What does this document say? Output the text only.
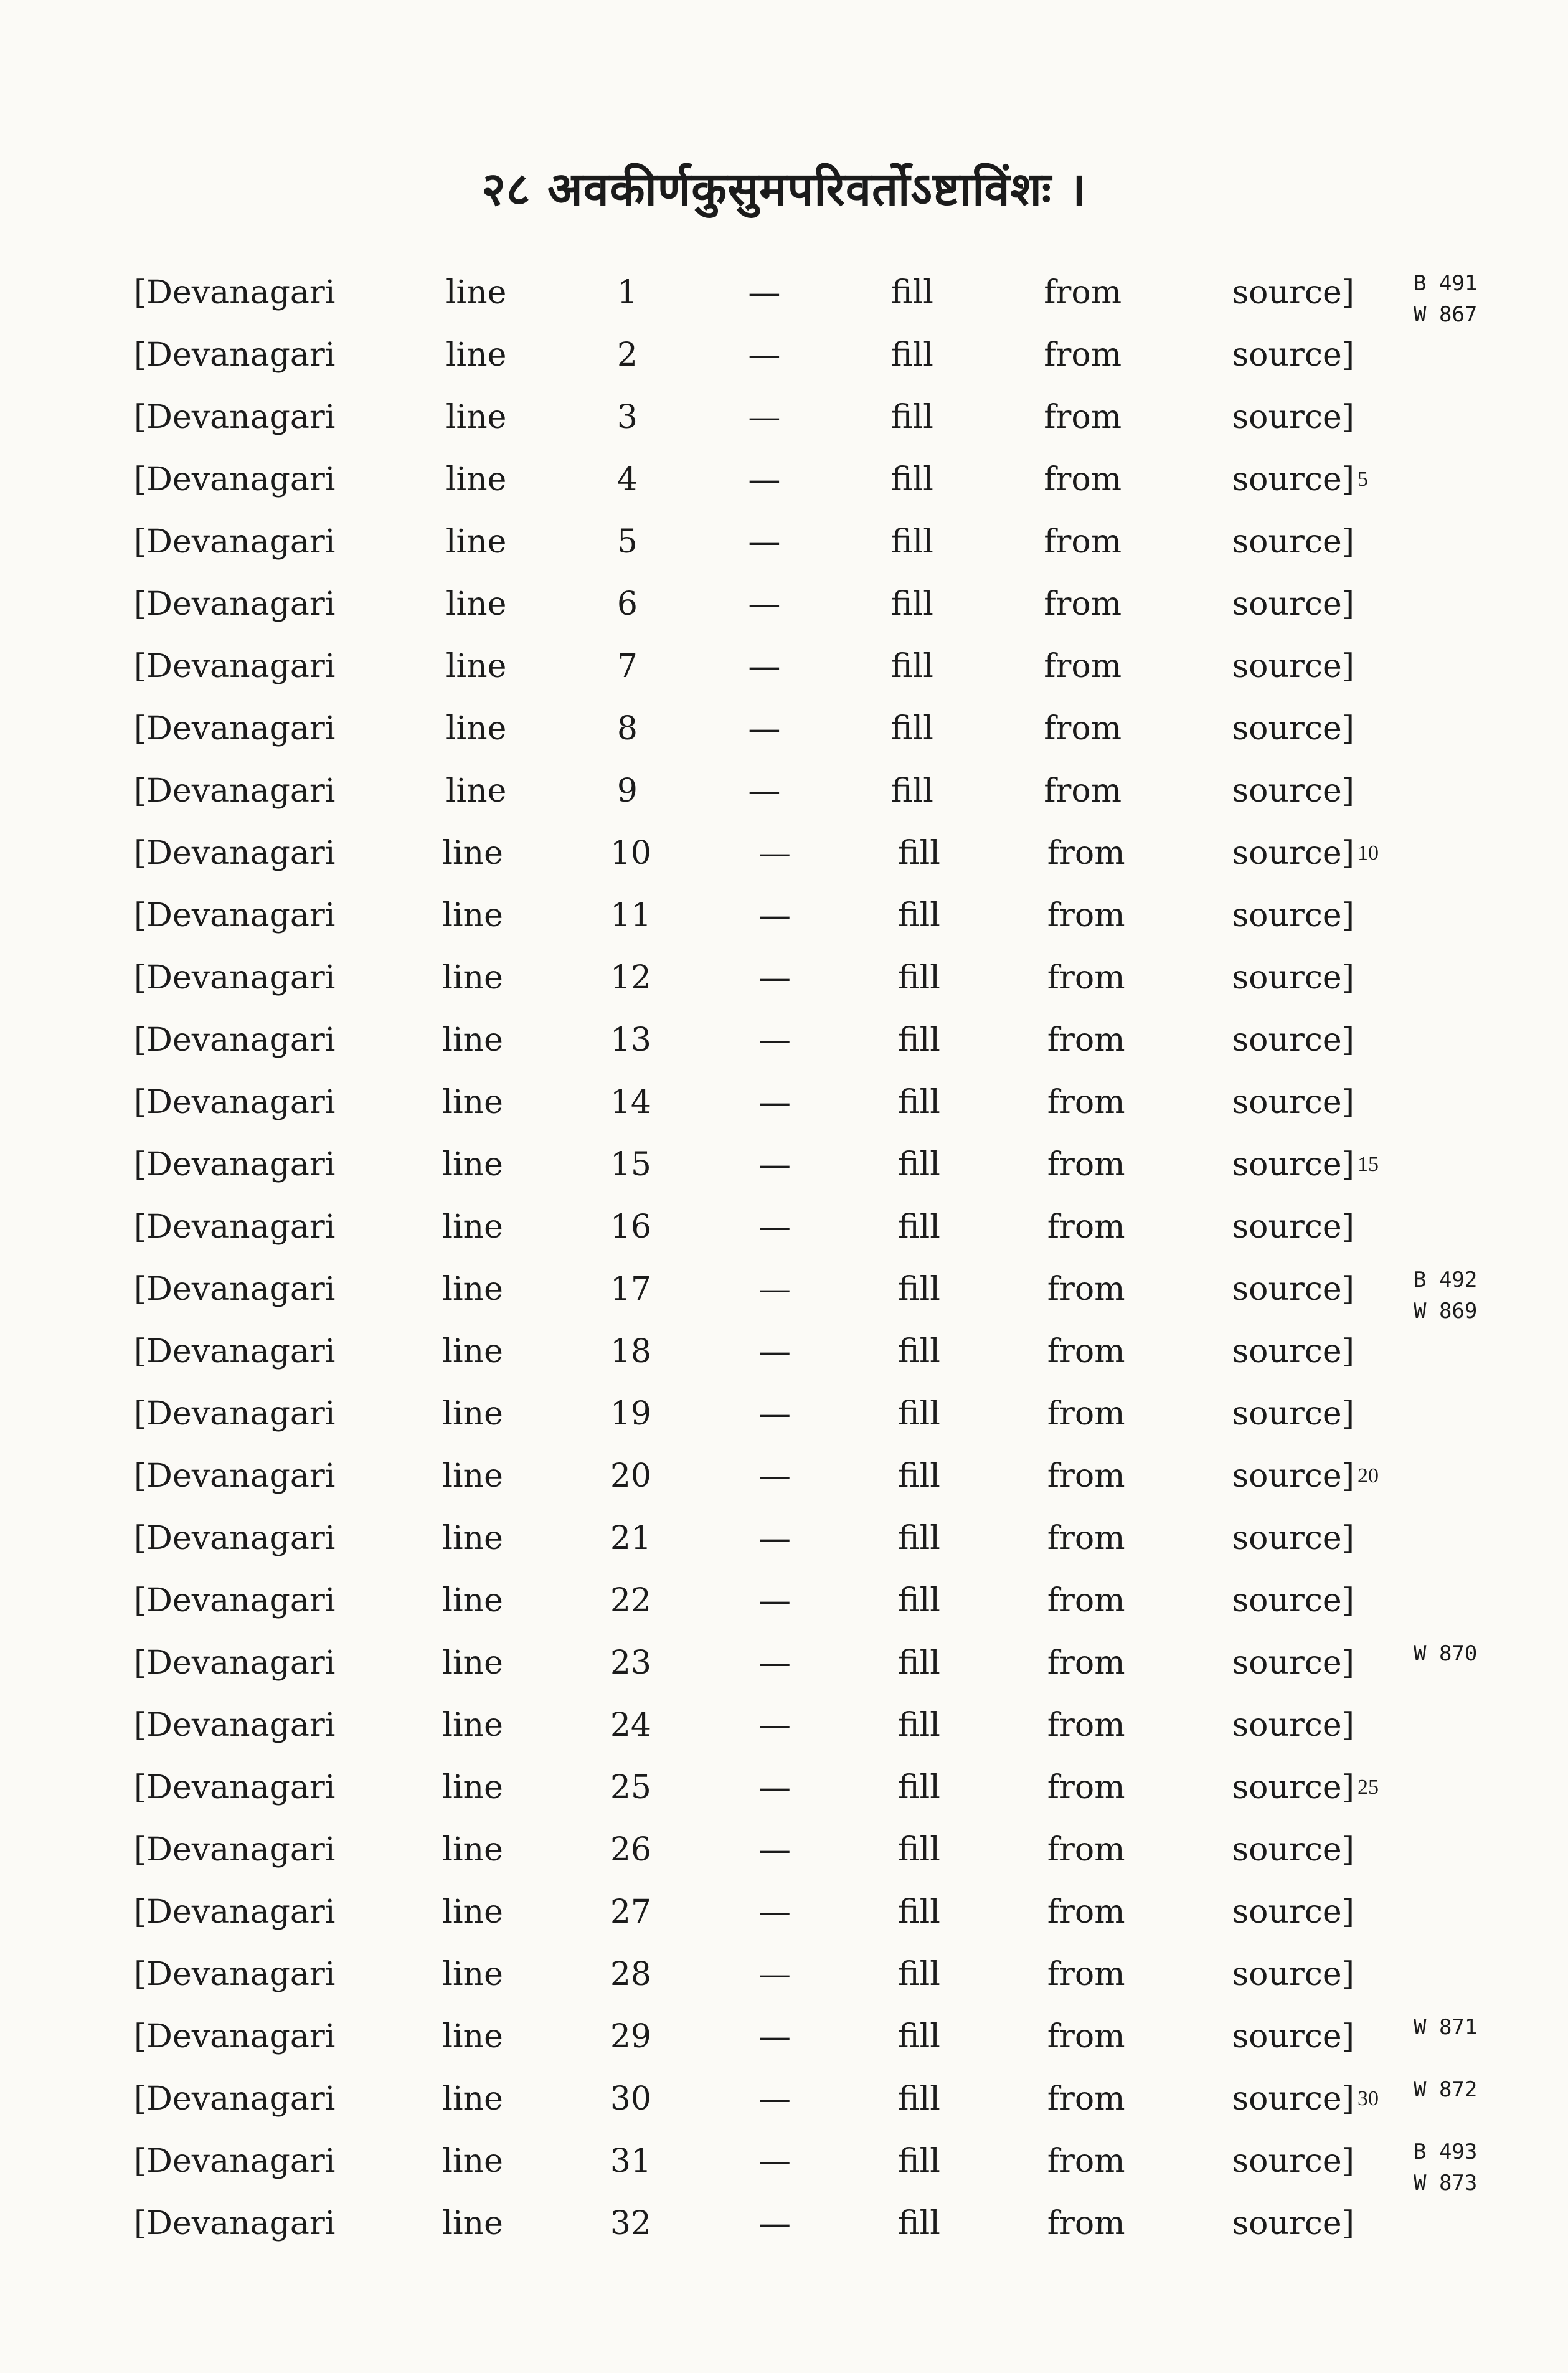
२८ अवकीर्णकुसुमपरिवर्तोऽष्टाविंशः ।
[Devanagari line 1 — fill from source]
[Devanagari line 2 — fill from source]
[Devanagari line 3 — fill from source]
[Devanagari line 4 — fill from source]
[Devanagari line 5 — fill from source]
[Devanagari line 6 — fill from source]
[Devanagari line 7 — fill from source]
[Devanagari line 8 — fill from source]
[Devanagari line 9 — fill from source]
[Devanagari line 10 — fill from source]
[Devanagari line 11 — fill from source]
[Devanagari line 12 — fill from source]
[Devanagari line 13 — fill from source]
[Devanagari line 14 — fill from source]
[Devanagari line 15 — fill from source]
[Devanagari line 16 — fill from source]
[Devanagari line 17 — fill from source]
[Devanagari line 18 — fill from source]
[Devanagari line 19 — fill from source]
[Devanagari line 20 — fill from source]
[Devanagari line 21 — fill from source]
[Devanagari line 22 — fill from source]
[Devanagari line 23 — fill from source]
[Devanagari line 24 — fill from source]
[Devanagari line 25 — fill from source]
[Devanagari line 26 — fill from source]
[Devanagari line 27 — fill from source]
[Devanagari line 28 — fill from source]
[Devanagari line 29 — fill from source]
[Devanagari line 30 — fill from source]
[Devanagari line 31 — fill from source]
[Devanagari line 32 — fill from source]
5
10
15
20
25
30
B 491
W 867
B 492
W 869
W 870
W 871
W 872
B 493
W 873
